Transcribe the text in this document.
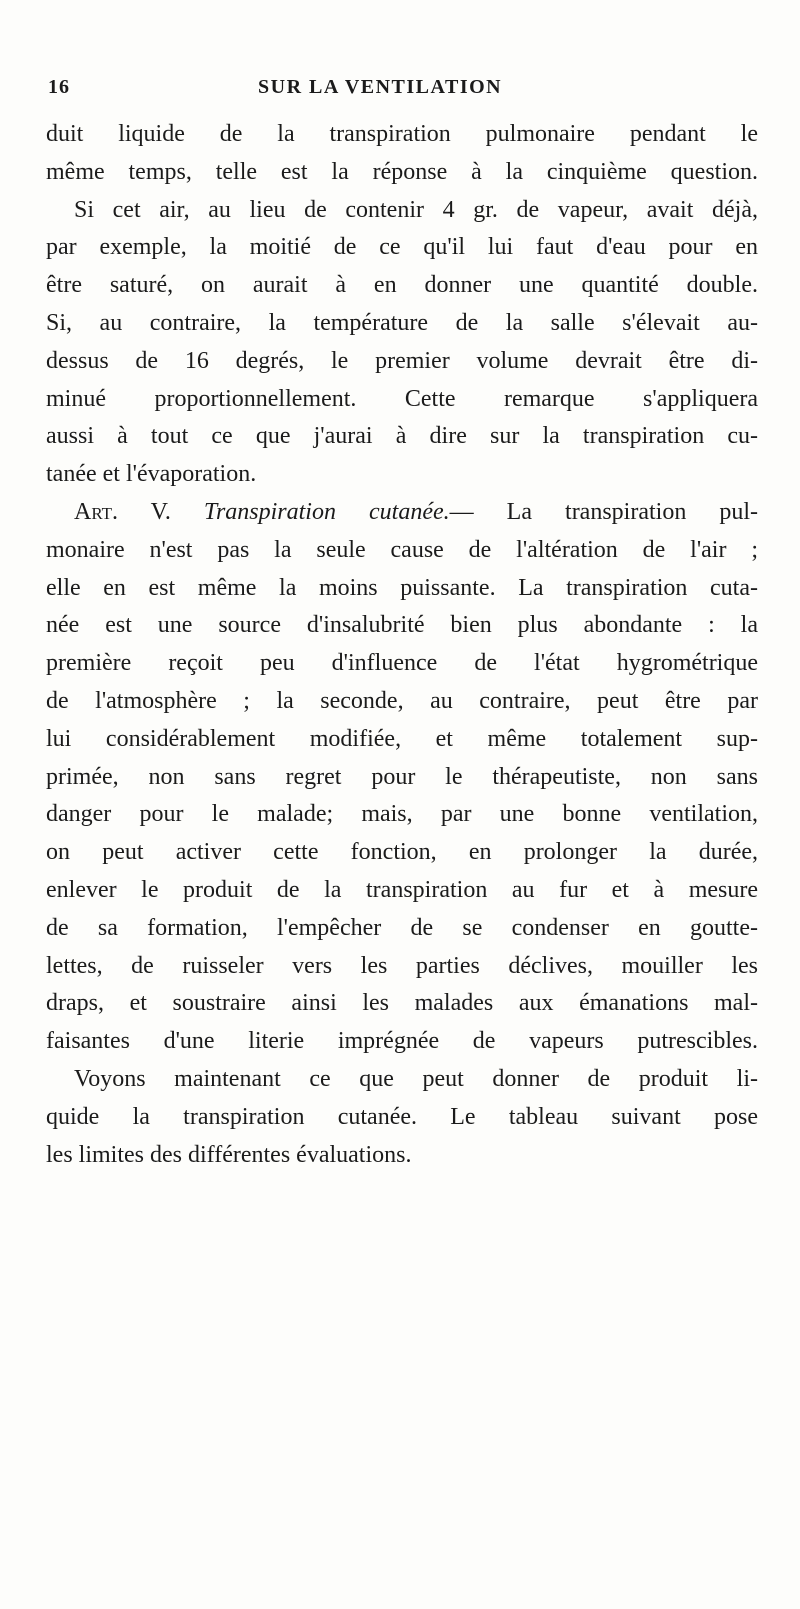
16	SUR LA VENTILATION
duit liquide de la transpiration pulmonaire pendant le
même temps, telle est la réponse à la cinquième question.
Si cet air, au lieu de contenir 4 gr. de vapeur, avait déjà,
par exemple, la moitié de ce qu'il lui faut d'eau pour en
être saturé, on aurait à en donner une quantité double.
Si, au contraire, la température de la salle s'élevait au-
dessus de 16 degrés, le premier volume devrait être di-
minué proportionnellement. Cette remarque s'appliquera
aussi à tout ce que j'aurai à dire sur la transpiration cu-
tanée et l'évaporation.
Art. V. Transpiration cutanée.— La transpiration pul-
monaire n'est pas la seule cause de l'altération de l'air ;
elle en est même la moins puissante. La transpiration cuta-
née est une source d'insalubrité bien plus abondante : la
première reçoit peu d'influence de l'état hygrométrique
de l'atmosphère ; la seconde, au contraire, peut être par
lui considérablement modifiée, et même totalement sup-
primée, non sans regret pour le thérapeutiste, non sans
danger pour le malade; mais, par une bonne ventilation,
on peut activer cette fonction, en prolonger la durée,
enlever le produit de la transpiration au fur et à mesure
de sa formation, l'empêcher de se condenser en goutte-
lettes, de ruisseler vers les parties déclives, mouiller les
draps, et soustraire ainsi les malades aux émanations mal-
faisantes d'une literie imprégnée de vapeurs putrescibles.
Voyons maintenant ce que peut donner de produit li-
quide la transpiration cutanée. Le tableau suivant pose
les limites des différentes évaluations.
